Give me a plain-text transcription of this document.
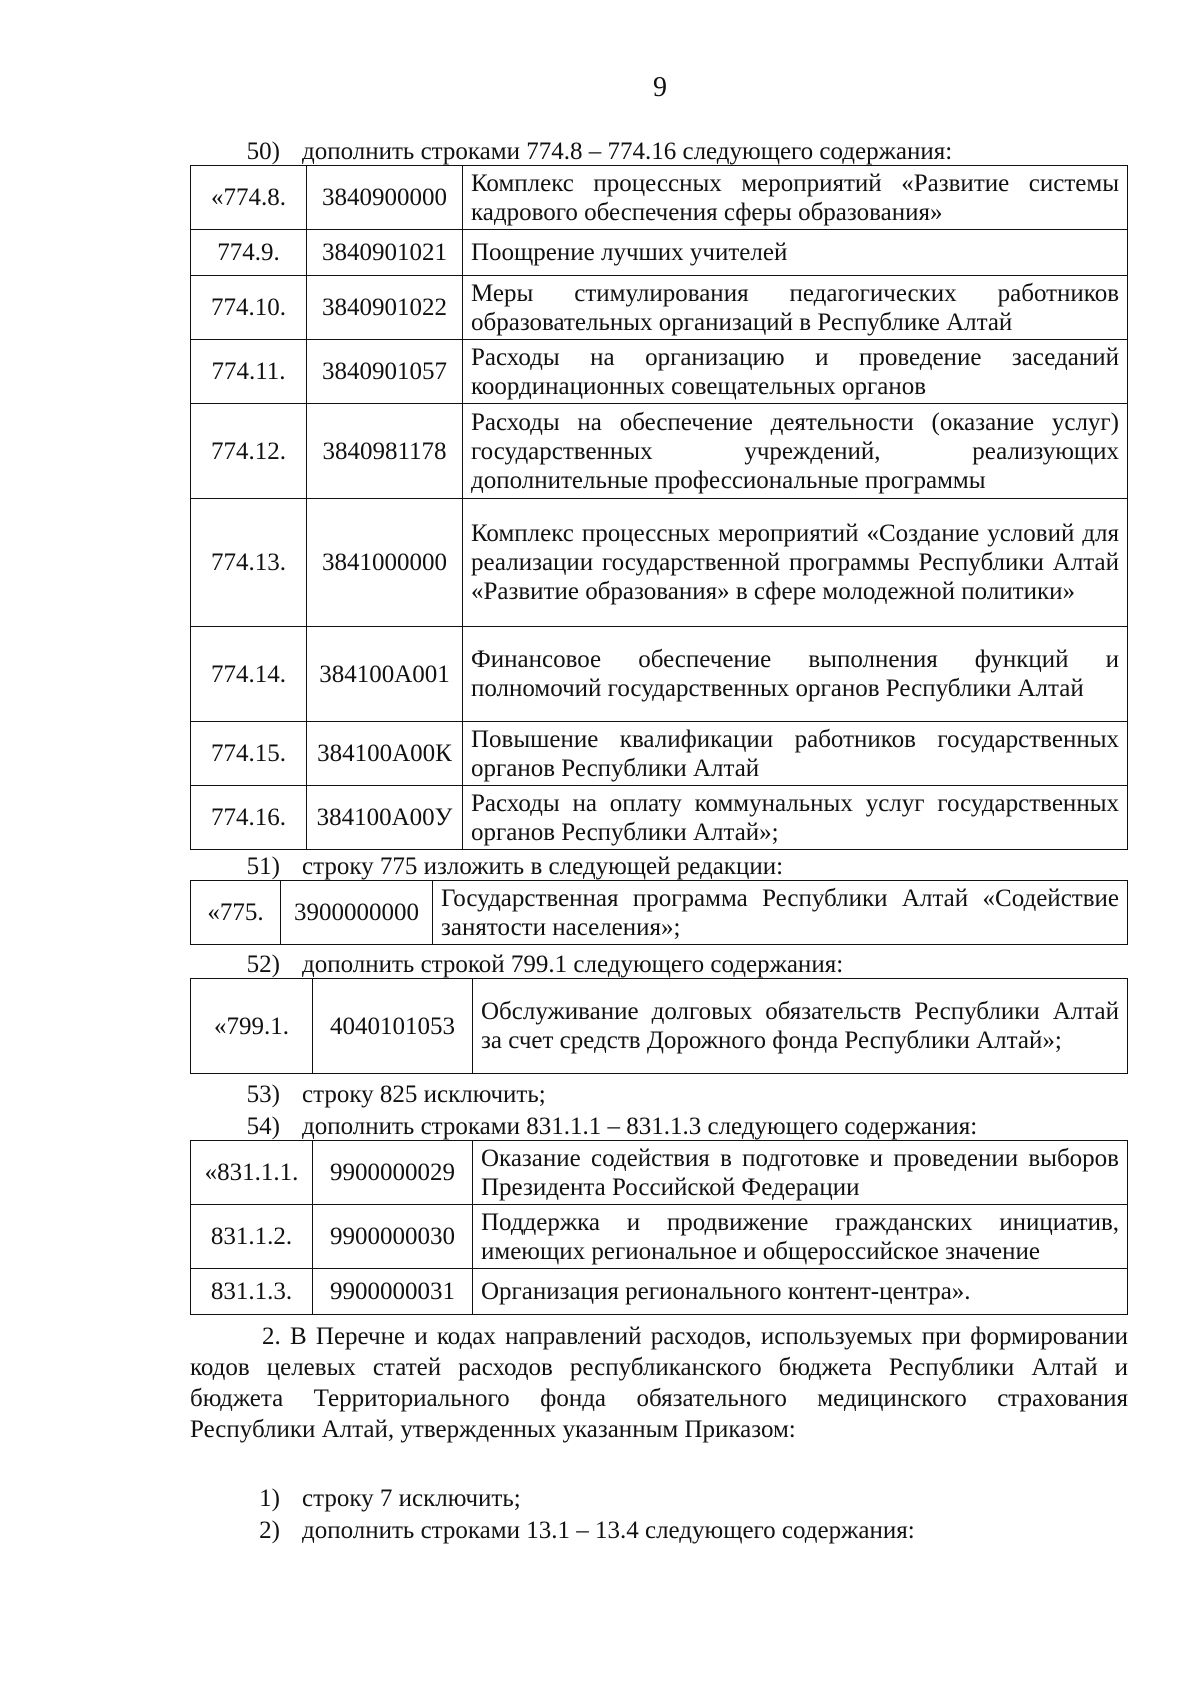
9
50) дополнить строками 774.8 – 774.16 следующего содержания:
«774.8.	3840900000	Комплекс процессных мероприятий «Развитие системы кадрового обеспечения сферы образования»
774.9.	3840901021	Поощрение лучших учителей
774.10.	3840901022	Меры стимулирования педагогических работников образовательных организаций в Республике Алтай
774.11.	3840901057	Расходы на организацию и проведение заседаний координационных совещательных органов
774.12.	3840981178	Расходы на обеспечение деятельности (оказание услуг) государственных учреждений, реализующих дополнительные профессиональные программы
774.13.	3841000000	Комплекс процессных мероприятий «Создание условий для реализации государственной программы Республики Алтай «Развитие образования» в сфере молодежной политики»
774.14.	384100А001	Финансовое обеспечение выполнения функций и полномочий государственных органов Республики Алтай
774.15.	384100А00К	Повышение квалификации работников государственных органов Республики Алтай
774.16.	384100А00У	Расходы на оплату коммунальных услуг государственных органов Республики Алтай»;
51) строку 775 изложить в следующей редакции:
«775.	3900000000	Государственная программа Республики Алтай «Содействие занятости населения»;
52) дополнить строкой 799.1 следующего содержания:
«799.1.	4040101053	Обслуживание долговых обязательств Республики Алтай за счет средств Дорожного фонда Республики Алтай»;
53) строку 825 исключить;
54) дополнить строками 831.1.1 – 831.1.3 следующего содержания:
«831.1.1.	9900000029	Оказание содействия в подготовке и проведении выборов Президента Российской Федерации
831.1.2.	9900000030	Поддержка и продвижение гражданских инициатив, имеющих региональное и общероссийское значение
831.1.3.	9900000031	Организация регионального контент-центра».
2. В Перечне и кодах направлений расходов, используемых при формировании кодов целевых статей расходов республиканского бюджета Республики Алтай и бюджета Территориального фонда обязательного медицинского страхования Республики Алтай, утвержденных указанным Приказом:
1) строку 7 исключить;
2) дополнить строками 13.1 – 13.4 следующего содержания:
